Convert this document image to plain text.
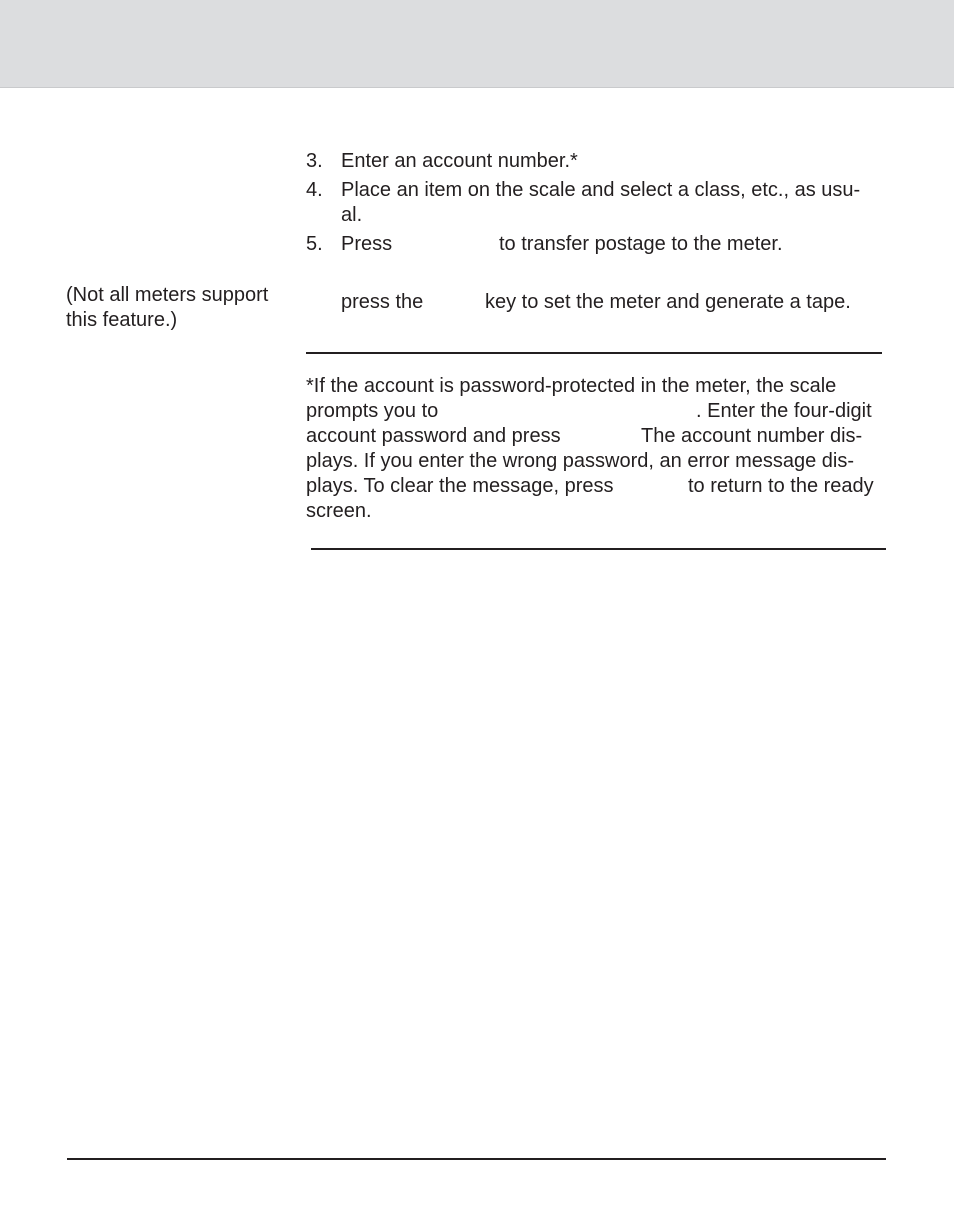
(Not all meters support this feature.)
3. Enter an account number.*
4. Place an item on the scale and select a class, etc., as usu-
al.
5. Press	to transfer postage to the meter.
press the	key to set the meter and generate a tape.
*If the account is password-protected in the meter, the scale
prompts you to	. Enter the four-digit
account password and press	The account number dis-
plays. If you enter the wrong password, an error message dis-
plays. To clear the message, press	to return to the ready
screen.
